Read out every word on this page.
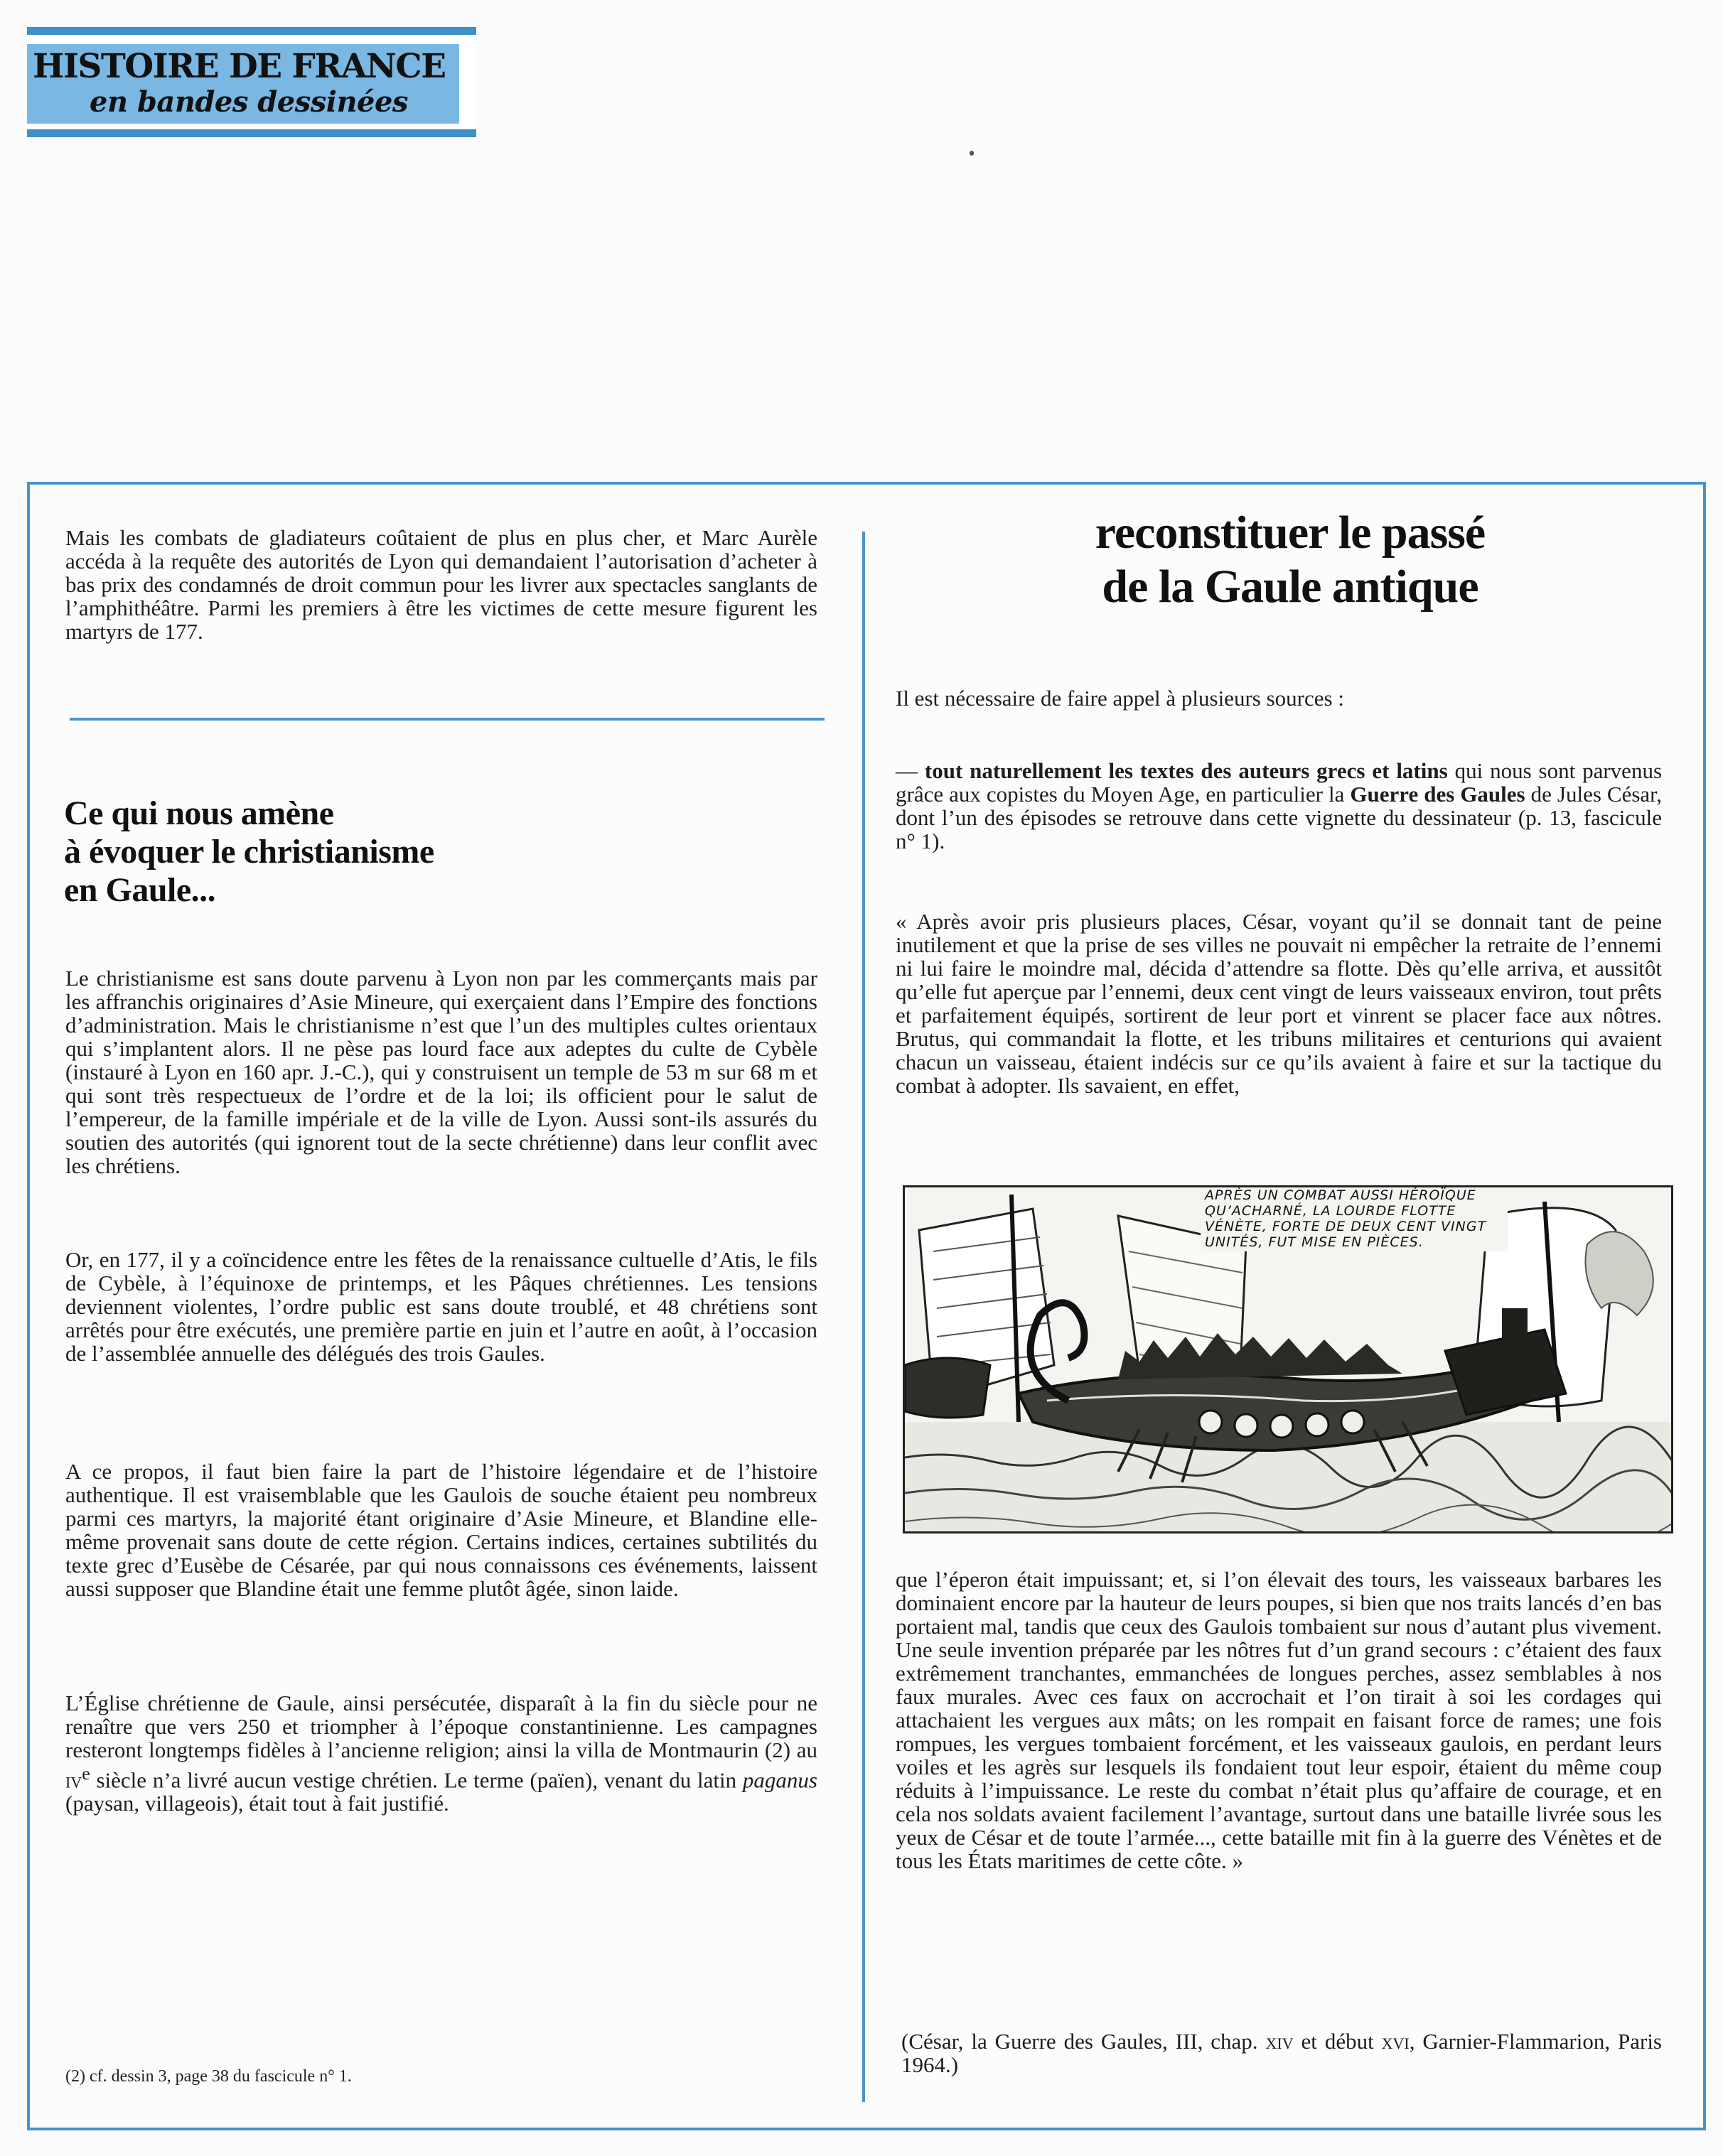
HISTOIRE DE FRANCE
en bandes dessinées

Mais les combats de gladiateurs coûtaient de plus en plus cher, et Marc Aurèle accéda à la requête des autorités de Lyon qui demandaient l’autorisation d’acheter à bas prix des condamnés de droit commun pour les livrer aux spectacles sanglants de l’amphithéâtre. Parmi les premiers à être les victimes de cette mesure figurent les martyrs de 177.

Ce qui nous amène
à évoquer le christianisme
en Gaule...

Le christianisme est sans doute parvenu à Lyon non par les commerçants mais par les affranchis originaires d’Asie Mineure, qui exerçaient dans l’Empire des fonctions d’administration. Mais le christianisme n’est que l’un des multiples cultes orientaux qui s’implantent alors. Il ne pèse pas lourd face aux adeptes du culte de Cybèle (instauré à Lyon en 160 apr. J.-C.), qui y construisent un temple de 53 m sur 68 m et qui sont très respectueux de l’ordre et de la loi; ils officient pour le salut de l’empereur, de la famille impériale et de la ville de Lyon. Aussi sont-ils assurés du soutien des autorités (qui ignorent tout de la secte chrétienne) dans leur conflit avec les chrétiens.

Or, en 177, il y a coïncidence entre les fêtes de la renaissance cultuelle d’Atis, le fils de Cybèle, à l’équinoxe de printemps, et les Pâques chrétiennes. Les tensions deviennent violentes, l’ordre public est sans doute troublé, et 48 chrétiens sont arrêtés pour être exécutés, une première partie en juin et l’autre en août, à l’occasion de l’assemblée annuelle des délégués des trois Gaules.

A ce propos, il faut bien faire la part de l’histoire légendaire et de l’histoire authentique. Il est vraisemblable que les Gaulois de souche étaient peu nombreux parmi ces martyrs, la majorité étant originaire d’Asie Mineure, et Blandine elle-même provenait sans doute de cette région. Certains indices, certaines subtilités du texte grec d’Eusèbe de Césarée, par qui nous connaissons ces événements, laissent aussi supposer que Blandine était une femme plutôt âgée, sinon laide.

L’Église chrétienne de Gaule, ainsi persécutée, disparaît à la fin du siècle pour ne renaître que vers 250 et triompher à l’époque constantinienne. Les campagnes resteront longtemps fidèles à l’ancienne religion; ainsi la villa de Montmaurin (2) au $iv^e$ siècle n’a livré aucun vestige chrétien. Le terme (païen), venant du latin paganus (paysan, villageois), était tout à fait justifié.

(2) cf. dessin 3, page 38 du fascicule n° 1.

reconstituer le passé
de la Gaule antique

Il est nécessaire de faire appel à plusieurs sources :

— tout naturellement les textes des auteurs grecs et latins qui nous sont parvenus grâce aux copistes du Moyen Age, en particulier la Guerre des Gaules de Jules César, dont l’un des épisodes se retrouve dans cette vignette du dessinateur (p. 13, fascicule n° 1).

« Après avoir pris plusieurs places, César, voyant qu’il se donnait tant de peine inutilement et que la prise de ses villes ne pouvait ni empêcher la retraite de l’ennemi ni lui faire le moindre mal, décida d’attendre sa flotte. Dès qu’elle arriva, et aussitôt qu’elle fut aperçue par l’ennemi, deux cent vingt de leurs vaisseaux environ, tout prêts et parfaitement équipés, sortirent de leur port et vinrent se placer face aux nôtres. Brutus, qui commandait la flotte, et les tribuns militaires et centurions qui avaient chacun un vaisseau, étaient indécis sur ce qu’ils avaient à faire et sur la tactique du combat à adopter. Ils savaient, en effet,

APRÈS UN COMBAT AUSSI HÉROÏQUE QU’ACHARNÉ, LA LOURDE FLOTTE VÉNÈTE, FORTE DE DEUX CENT VINGT UNITÉS, FUT MISE EN PIÈCES.

que l’éperon était impuissant; et, si l’on élevait des tours, les vaisseaux barbares les dominaient encore par la hauteur de leurs poupes, si bien que nos traits lancés d’en bas portaient mal, tandis que ceux des Gaulois tombaient sur nous d’autant plus vivement. Une seule invention préparée par les nôtres fut d’un grand secours : c’étaient des faux extrêmement tranchantes, emmanchées de longues perches, assez semblables à nos faux murales. Avec ces faux on accrochait et l’on tirait à soi les cordages qui attachaient les vergues aux mâts; on les rompait en faisant force de rames; une fois rompues, les vergues tombaient forcément, et les vaisseaux gaulois, en perdant leurs voiles et les agrès sur lesquels ils fondaient tout leur espoir, étaient du même coup réduits à l’impuissance. Le reste du combat n’était plus qu’affaire de courage, et en cela nos soldats avaient facilement l’avantage, surtout dans une bataille livrée sous les yeux de César et de toute l’armée..., cette bataille mit fin à la guerre des Vénètes et de tous les États maritimes de cette côte. »

(César, la Guerre des Gaules, III, chap. xiv et début xvi, Garnier-Flammarion, Paris 1964.)
